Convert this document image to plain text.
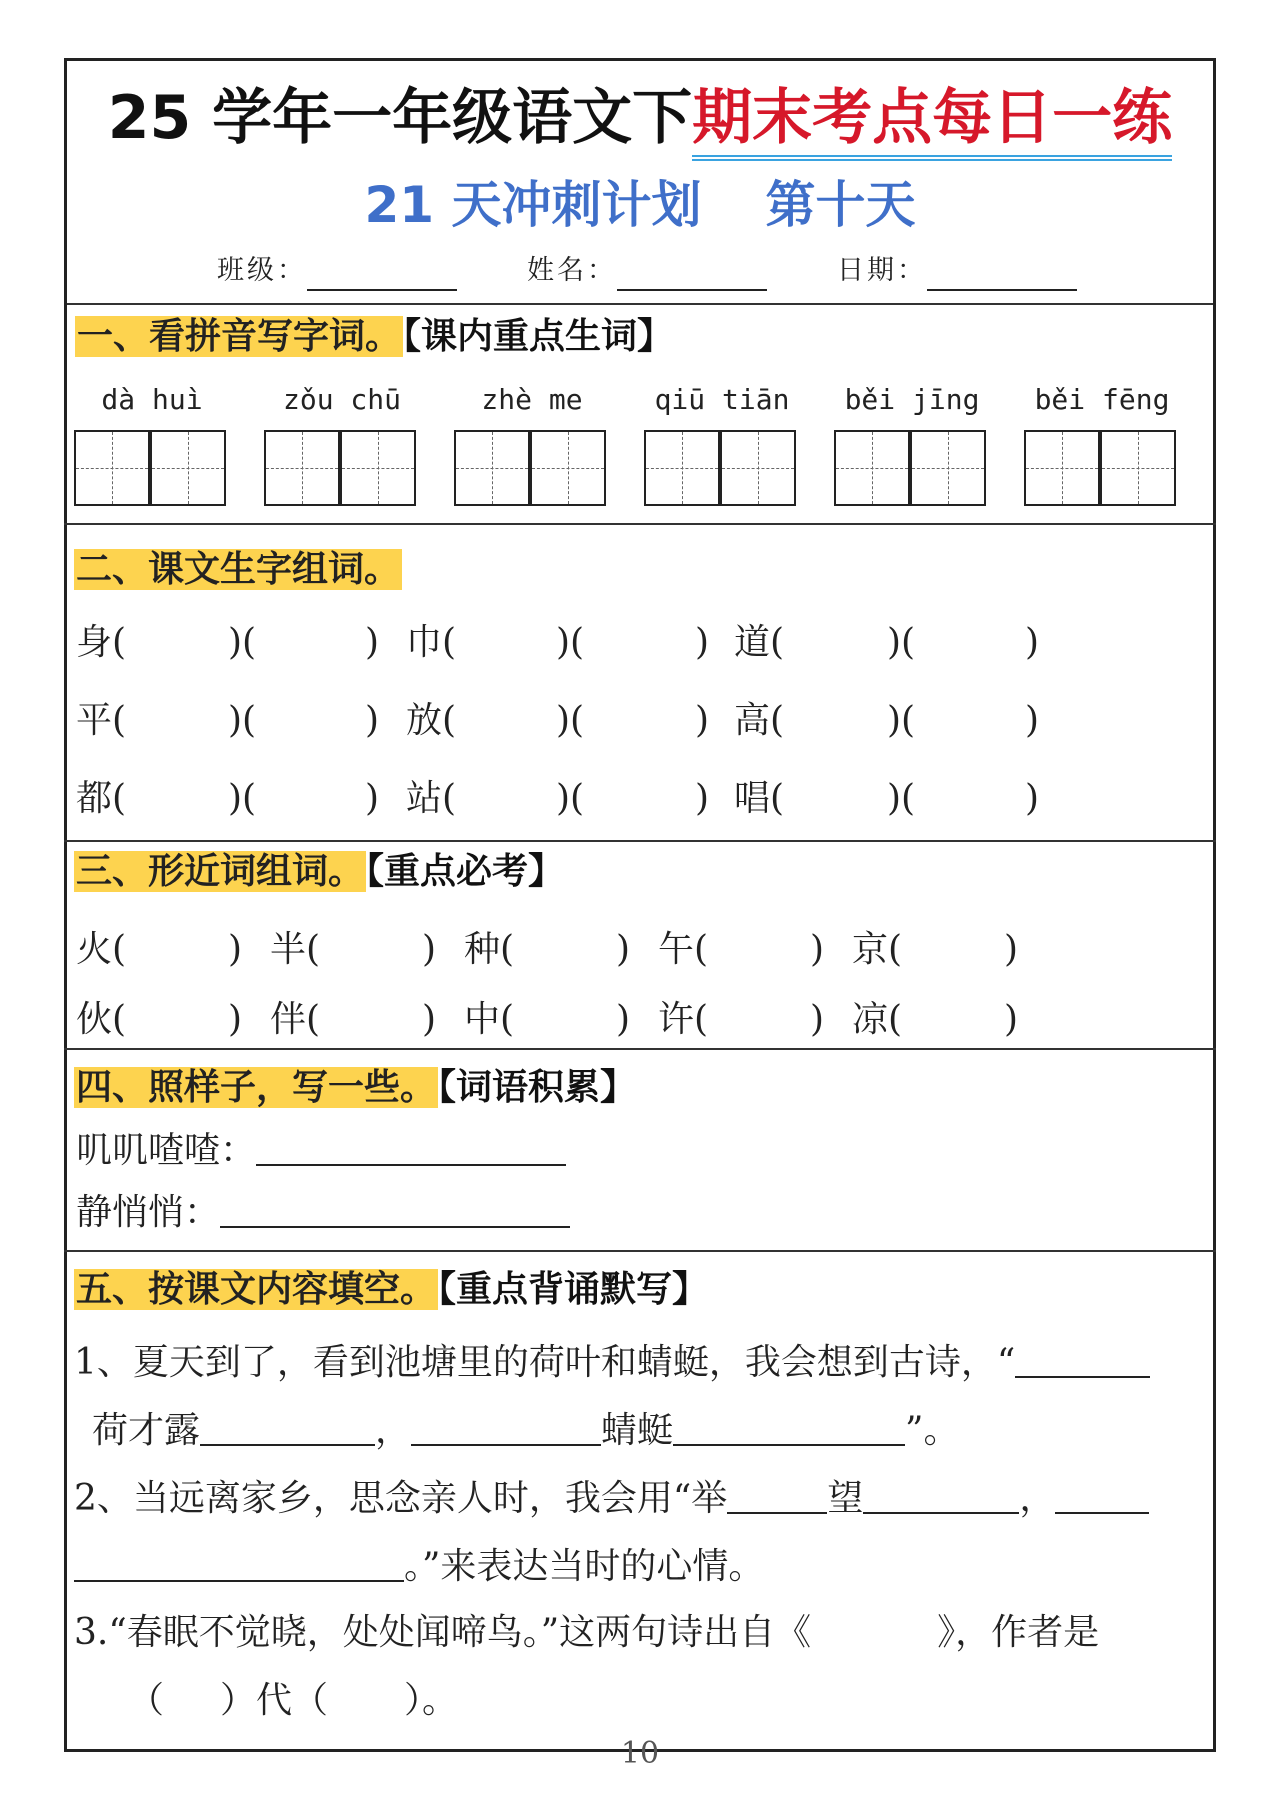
25 学年一年级语文下期末考点每日一练
21 天冲刺计划 第十天
班级：	姓名：	日期：
一、看拼音写字词。【课内重点生词】
dà huì	zǒu chū	zhè me	qiū tiān	běi jīng	běi fēng
二、课文生字组词。
身(	)(	) 巾(	)(	) 道(	)(	)
平(	)(	) 放(	)(	) 高(	)(	)
都(	)(	) 站(	)(	) 唱(	)(	)
三、形近词组词。【重点必考】
火(	) 半(	) 种(	) 午(	) 京(	)
伙(	) 伴(	) 中(	) 许(	) 凉(	)
四、照样子，写一些。【词语积累】
叽叽喳喳：
静悄悄：
五、按课文内容填空。【重点背诵默写】
1、夏天到了，看到池塘里的荷叶和蜻蜓，我会想到古诗，“
荷才露	，	蜻蜓	”。
2、当远离家乡，思念亲人时，我会用“举	望	，
。”来表达当时的心情。
3.“春眠不觉晓，处处闻啼鸟。”这两句诗出自《	》，作者是
（ ）代（ ）。
10
